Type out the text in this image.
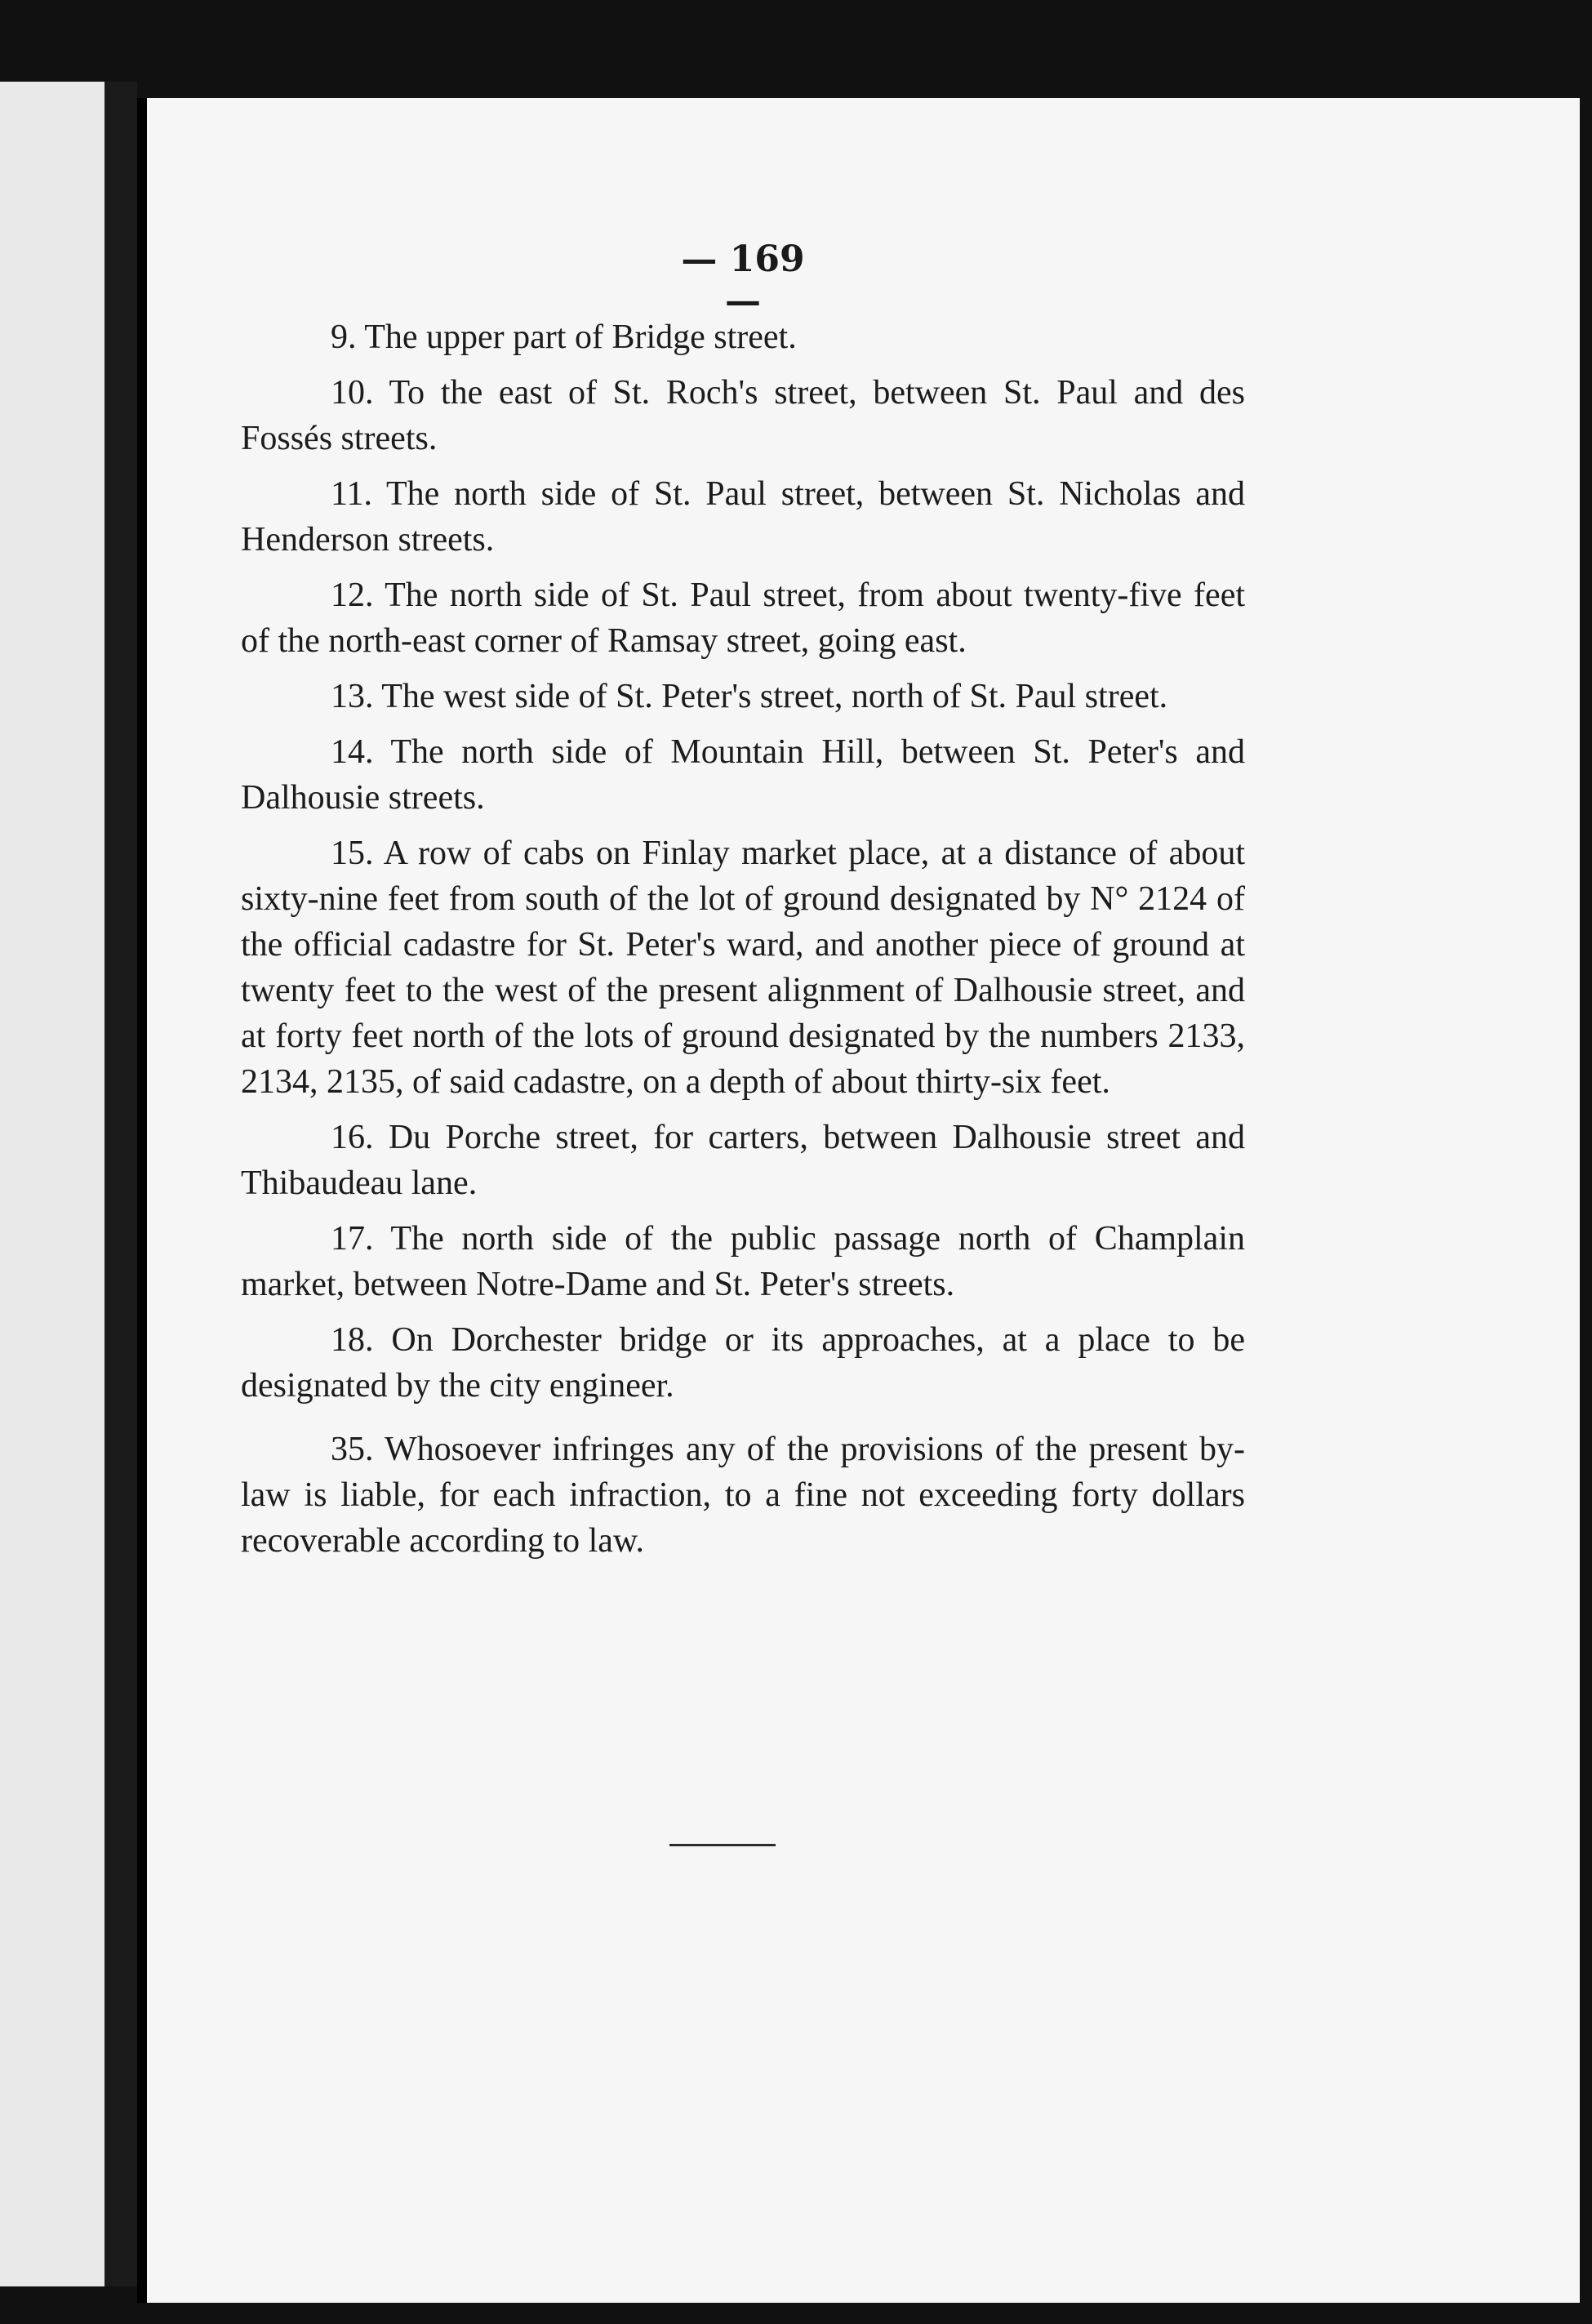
— 169 —

9. The upper part of Bridge street.

10. To the east of St. Roch's street, between St. Paul and des Fossés streets.

11. The north side of St. Paul street, between St. Nicholas and Henderson streets.

12. The north side of St. Paul street, from about twenty-five feet of the north-east corner of Ramsay street, going east.

13. The west side of St. Peter's street, north of St. Paul street.

14. The north side of Mountain Hill, between St. Peter's and Dalhousie streets.

15. A row of cabs on Finlay market place, at a distance of about sixty-nine feet from south of the lot of ground designated by N° 2124 of the official cadastre for St. Peter's ward, and another piece of ground at twenty feet to the west of the present alignment of Dalhousie street, and at forty feet north of the lots of ground designated by the numbers 2133, 2134, 2135, of said cadastre, on a depth of about thirty-six feet.

16. Du Porche street, for carters, between Dalhousie street and Thibaudeau lane.

17. The north side of the public passage north of Champlain market, between Notre-Dame and St. Peter's streets.

18. On Dorchester bridge or its approaches, at a place to be designated by the city engineer.

35. Whosoever infringes any of the provisions of the present by-law is liable, for each infraction, to a fine not exceeding forty dollars recoverable according to law.
